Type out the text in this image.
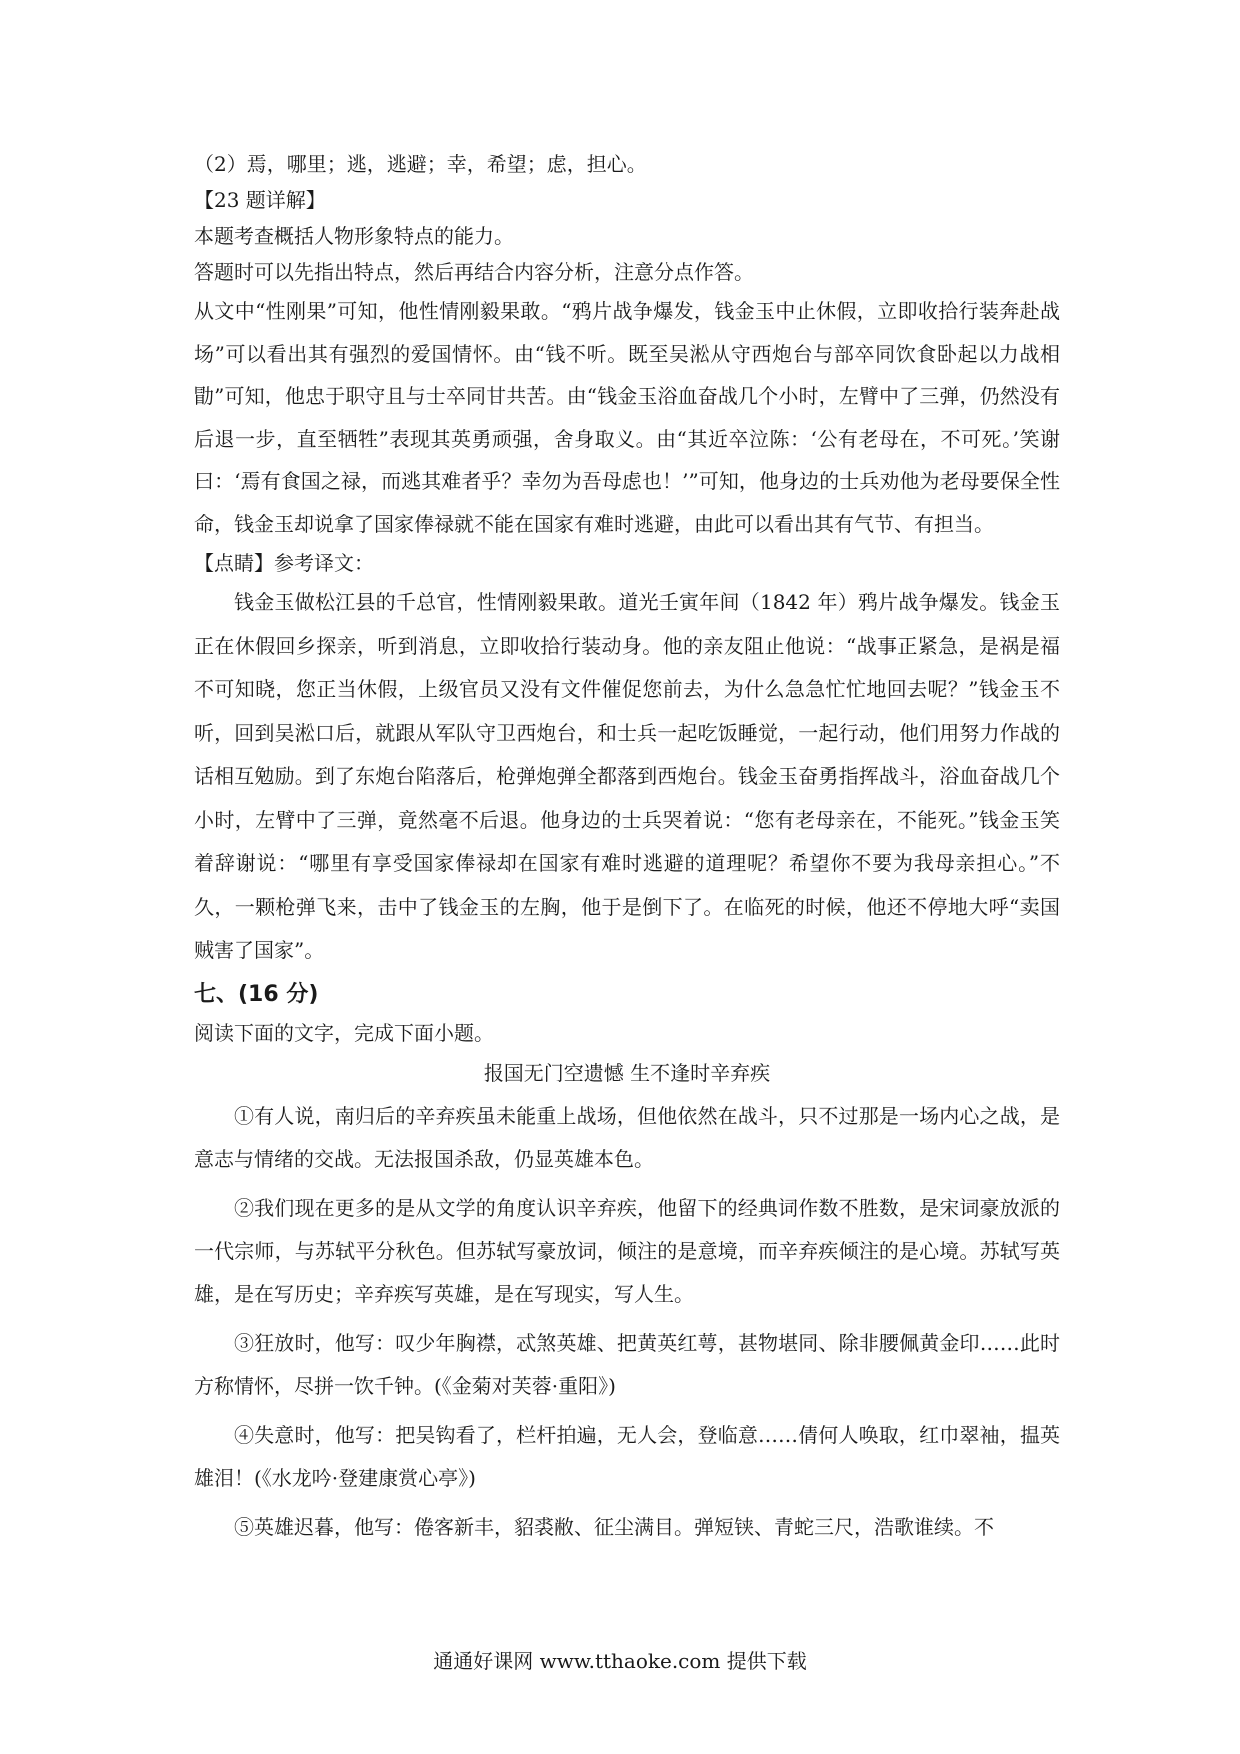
（2）焉，哪里；逃，逃避；幸，希望；虑，担心。

【23 题详解】

本题考查概括人物形象特点的能力。

答题时可以先指出特点，然后再结合内容分析，注意分点作答。

从文中“性刚果”可知，他性情刚毅果敢。“鸦片战争爆发，钱金玉中止休假，立即收拾行装奔赴战场”可以看出其有强烈的爱国情怀。由“钱不听。既至吴淞从守西炮台与部卒同饮食卧起以力战相勖”可知，他忠于职守且与士卒同甘共苦。由“钱金玉浴血奋战几个小时，左臂中了三弹，仍然没有后退一步，直至牺牲”表现其英勇顽强，舍身取义。由“其近卒泣陈：‘公有老母在，不可死。’笑谢曰：‘焉有食国之禄，而逃其难者乎？幸勿为吾母虑也！’”可知，他身边的士兵劝他为老母要保全性命，钱金玉却说拿了国家俸禄就不能在国家有难时逃避，由此可以看出其有气节、有担当。

【点睛】参考译文：

钱金玉做松江县的千总官，性情刚毅果敢。道光壬寅年间（1842 年）鸦片战争爆发。钱金玉正在休假回乡探亲，听到消息，立即收拾行装动身。他的亲友阻止他说：“战事正紧急，是祸是福不可知晓，您正当休假，上级官员又没有文件催促您前去，为什么急急忙忙地回去呢？”钱金玉不听，回到吴淞口后，就跟从军队守卫西炮台，和士兵一起吃饭睡觉，一起行动，他们用努力作战的话相互勉励。到了东炮台陷落后，枪弹炮弹全都落到西炮台。钱金玉奋勇指挥战斗，浴血奋战几个小时，左臂中了三弹，竟然毫不后退。他身边的士兵哭着说：“您有老母亲在，不能死。”钱金玉笑着辞谢说：“哪里有享受国家俸禄却在国家有难时逃避的道理呢？希望你不要为我母亲担心。”不久，一颗枪弹飞来，击中了钱金玉的左胸，他于是倒下了。在临死的时候，他还不停地大呼“卖国贼害了国家”。

七、(16 分)

阅读下面的文字，完成下面小题。

报国无门空遗憾 生不逢时辛弃疾

①有人说，南归后的辛弃疾虽未能重上战场，但他依然在战斗，只不过那是一场内心之战，是意志与情绪的交战。无法报国杀敌，仍显英雄本色。

②我们现在更多的是从文学的角度认识辛弃疾，他留下的经典词作数不胜数，是宋词豪放派的一代宗师，与苏轼平分秋色。但苏轼写豪放词，倾注的是意境，而辛弃疾倾注的是心境。苏轼写英雄，是在写历史；辛弃疾写英雄，是在写现实，写人生。

③狂放时，他写：叹少年胸襟，忒煞英雄、把黄英红萼，甚物堪同、除非腰佩黄金印……此时方称情怀，尽拼一饮千钟。(《金菊对芙蓉·重阳》)

④失意时，他写：把吴钩看了，栏杆拍遍，无人会，登临意……倩何人唤取，红巾翠袖，揾英雄泪！(《水龙吟·登建康赏心亭》)

⑤英雄迟暮，他写：倦客新丰，貂裘敝、征尘满目。弹短铗、青蛇三尺，浩歌谁续。不

通通好课网 www.tthaoke.com 提供下载
